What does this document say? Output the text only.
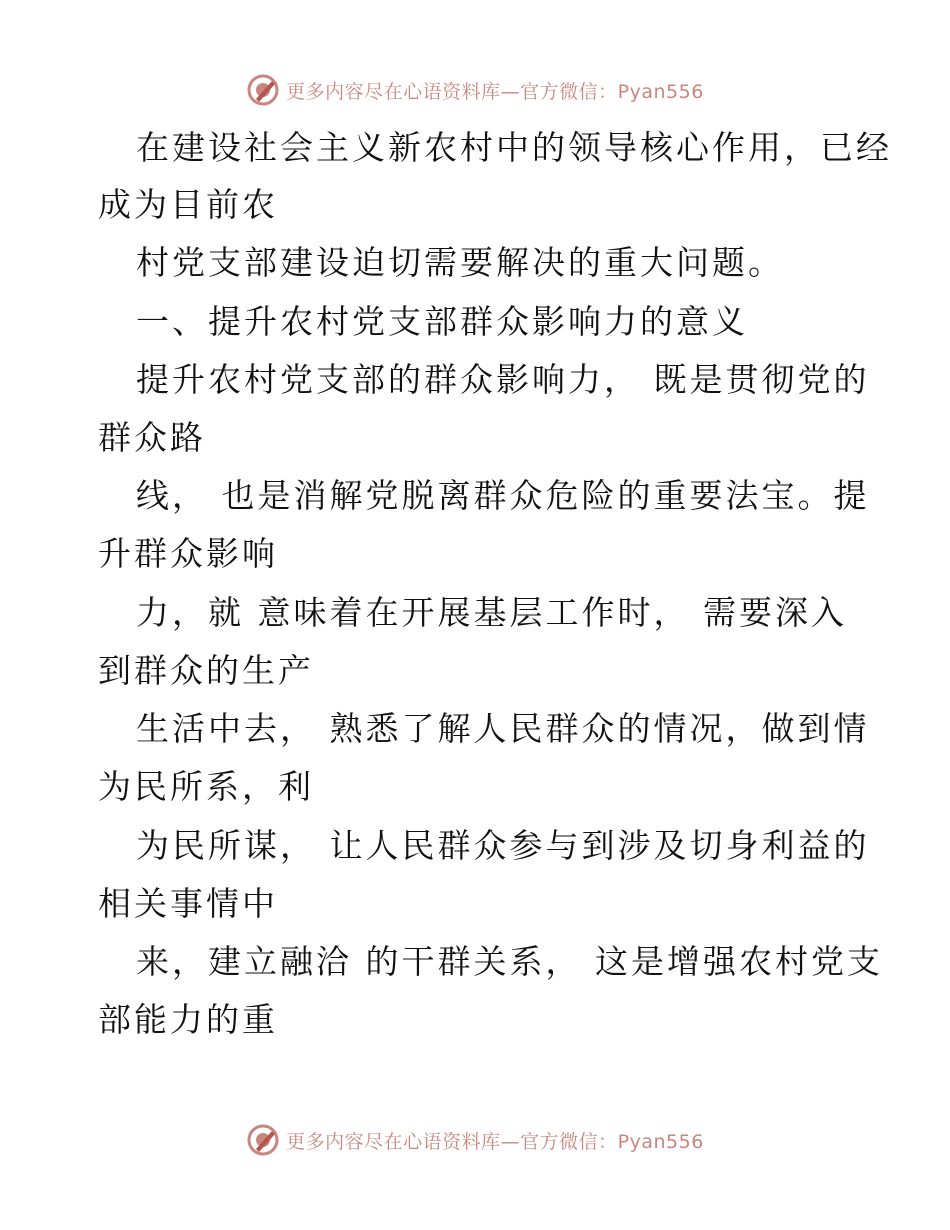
更多内容尽在心语资料库—官方微信：Pyan556
在建设社会主义新农村中的领导核心作用，已经
成为目前农
村党支部建设迫切需要解决的重大问题。
一、提升农村党支部群众影响力的意义
提升农村党支部的群众影响力， 既是贯彻党的
群众路
线， 也是消解党脱离群众危险的重要法宝。提
升群众影响
力，就 意味着在开展基层工作时， 需要深入
到群众的生产
生活中去， 熟悉了解人民群众的情况，做到情
为民所系，利
为民所谋， 让人民群众参与到涉及切身利益的
相关事情中
来，建立融洽 的干群关系， 这是增强农村党支
部能力的重
更多内容尽在心语资料库—官方微信：Pyan556
